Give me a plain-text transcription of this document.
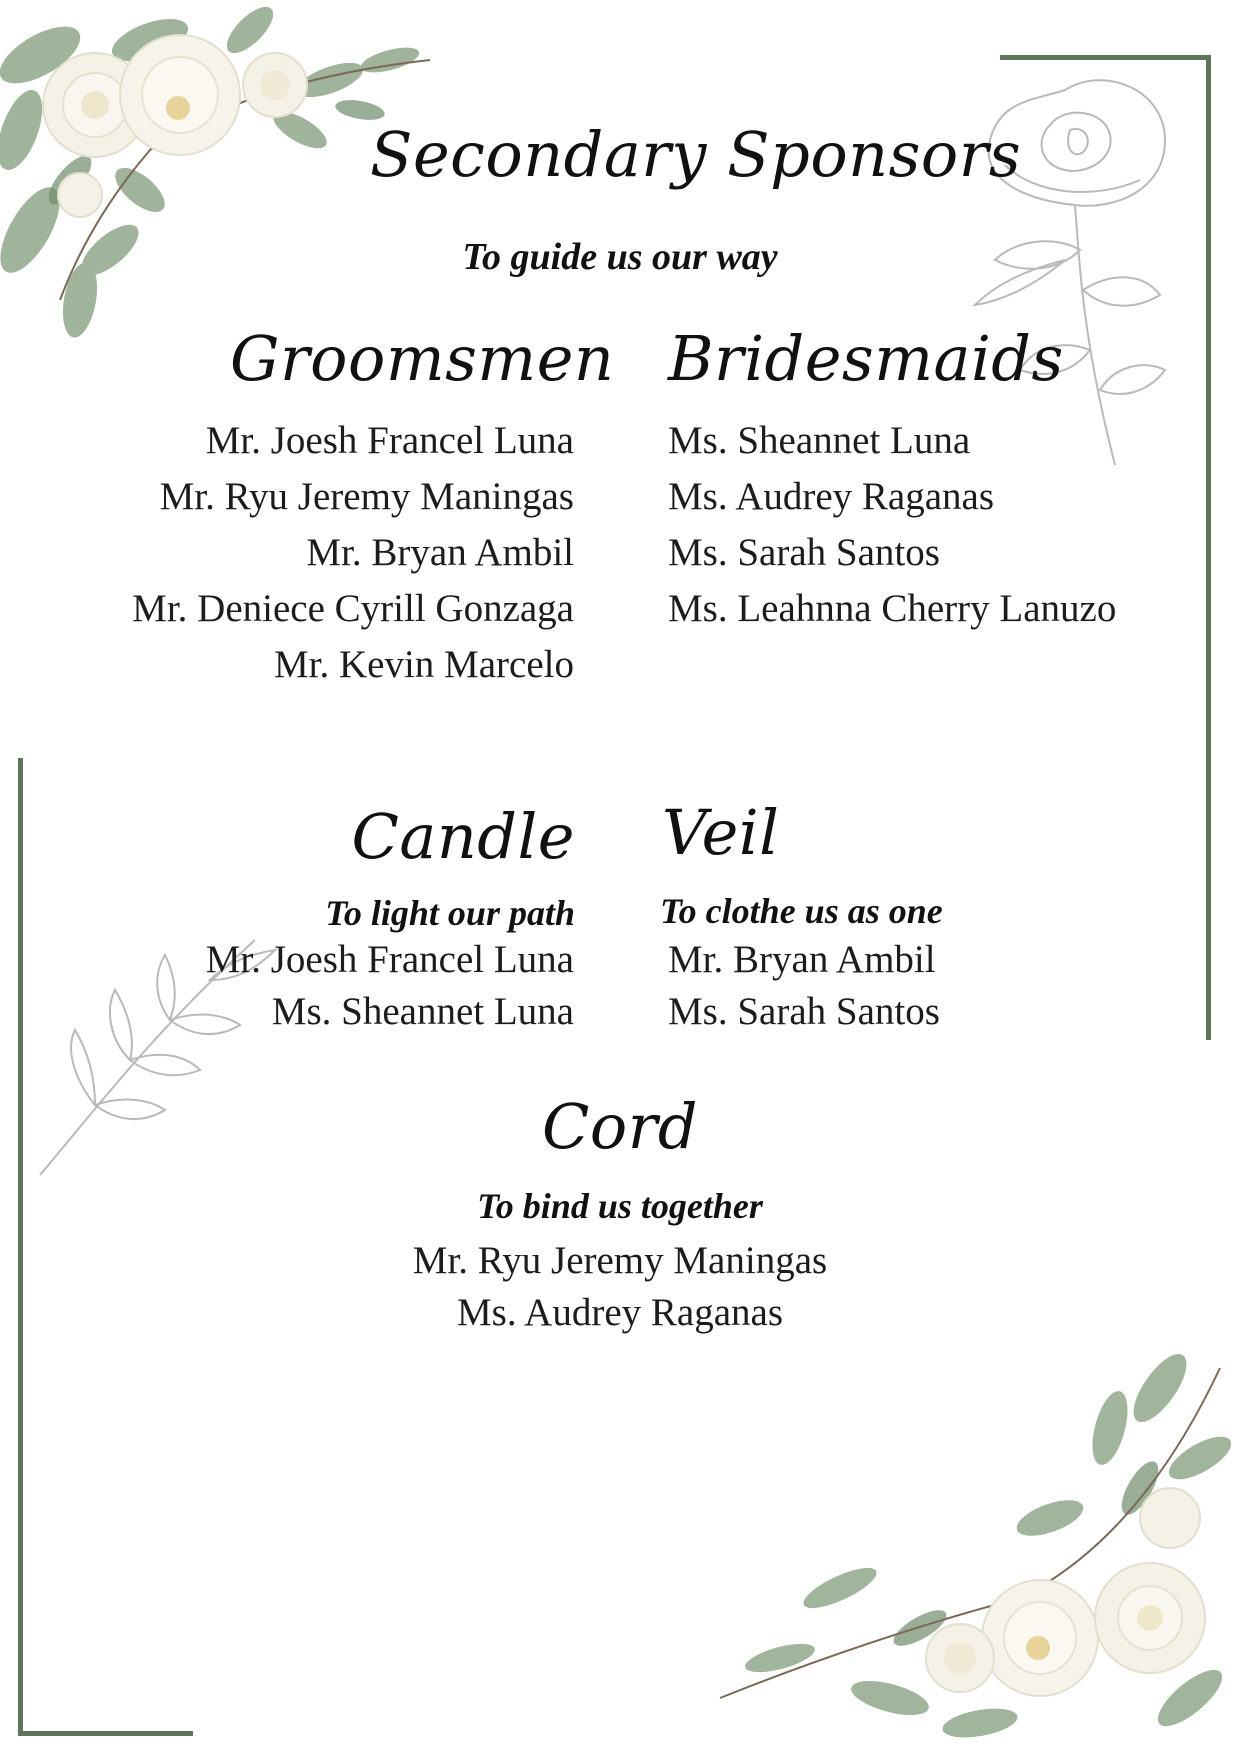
Secondary Sponsors
To guide us our way
Groomsmen
Mr. Joesh Francel Luna
Mr. Ryu Jeremy Maningas
Mr. Bryan Ambil
Mr. Deniece Cyrill Gonzaga
Mr. Kevin Marcelo
Bridesmaids
Ms. Sheannet Luna
Ms. Audrey Raganas
Ms. Sarah Santos
Ms. Leahnna Cherry Lanuzo
Candle
To light our path
Mr. Joesh Francel Luna
Ms. Sheannet Luna
Veil
To clothe us as one
Mr. Bryan Ambil
Ms. Sarah Santos
Cord
To bind us together
Mr. Ryu Jeremy Maningas
Ms. Audrey Raganas
